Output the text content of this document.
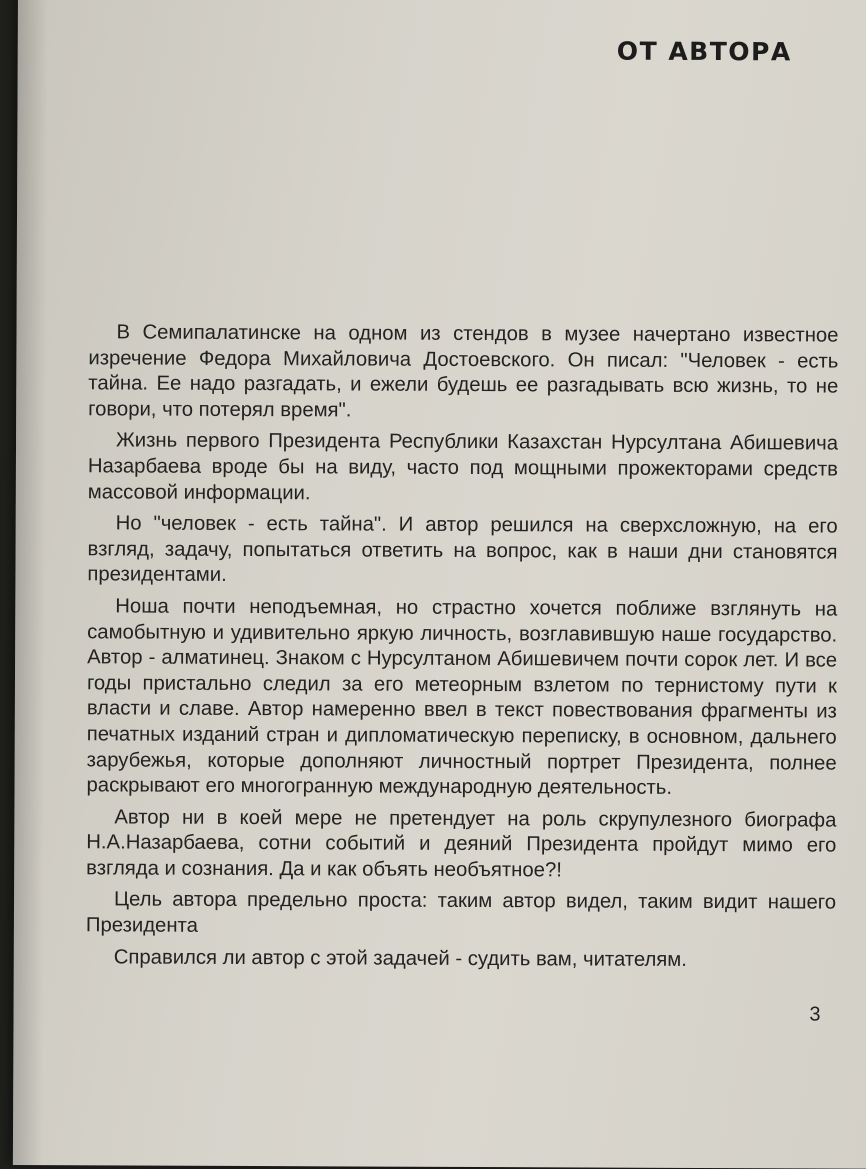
ОТ АВТОРА

В Семипалатинске на одном из стендов в музее начертано известное изречение Федора Михайловича Достоевского. Он писал: "Человек - есть тайна. Ее надо разгадать, и ежели будешь ее разгадывать всю жизнь, то не говори, что потерял время".

Жизнь первого Президента Республики Казахстан Нурсултана Абишевича Назарбаева вроде бы на виду, часто под мощными прожекторами средств массовой информации.

Но "человек - есть тайна". И автор решился на сверхсложную, на его взгляд, задачу, попытаться ответить на вопрос, как в наши дни становятся президентами.

Ноша почти неподъемная, но страстно хочется поближе взглянуть на самобытную и удивительно яркую личность, возглавившую наше государство. Автор - алматинец. Знаком с Нурсултаном Абишевичем почти сорок лет. И все годы пристально следил за его метеорным взлетом по тернистому пути к власти и славе. Автор намеренно ввел в текст повествования фрагменты из печатных изданий стран и дипломатическую переписку, в основном, дальнего зарубежья, которые дополняют личностный портрет Президента, полнее раскрывают его многогранную международную деятельность.

Автор ни в коей мере не претендует на роль скрупулезного биографа Н.А.Назарбаева, сотни событий и деяний Президента пройдут мимо его взгляда и сознания. Да и как объять необъятное?!

Цель автора предельно проста: таким автор видел, таким видит нашего Президента

Справился ли автор с этой задачей - судить вам, читателям.

3
